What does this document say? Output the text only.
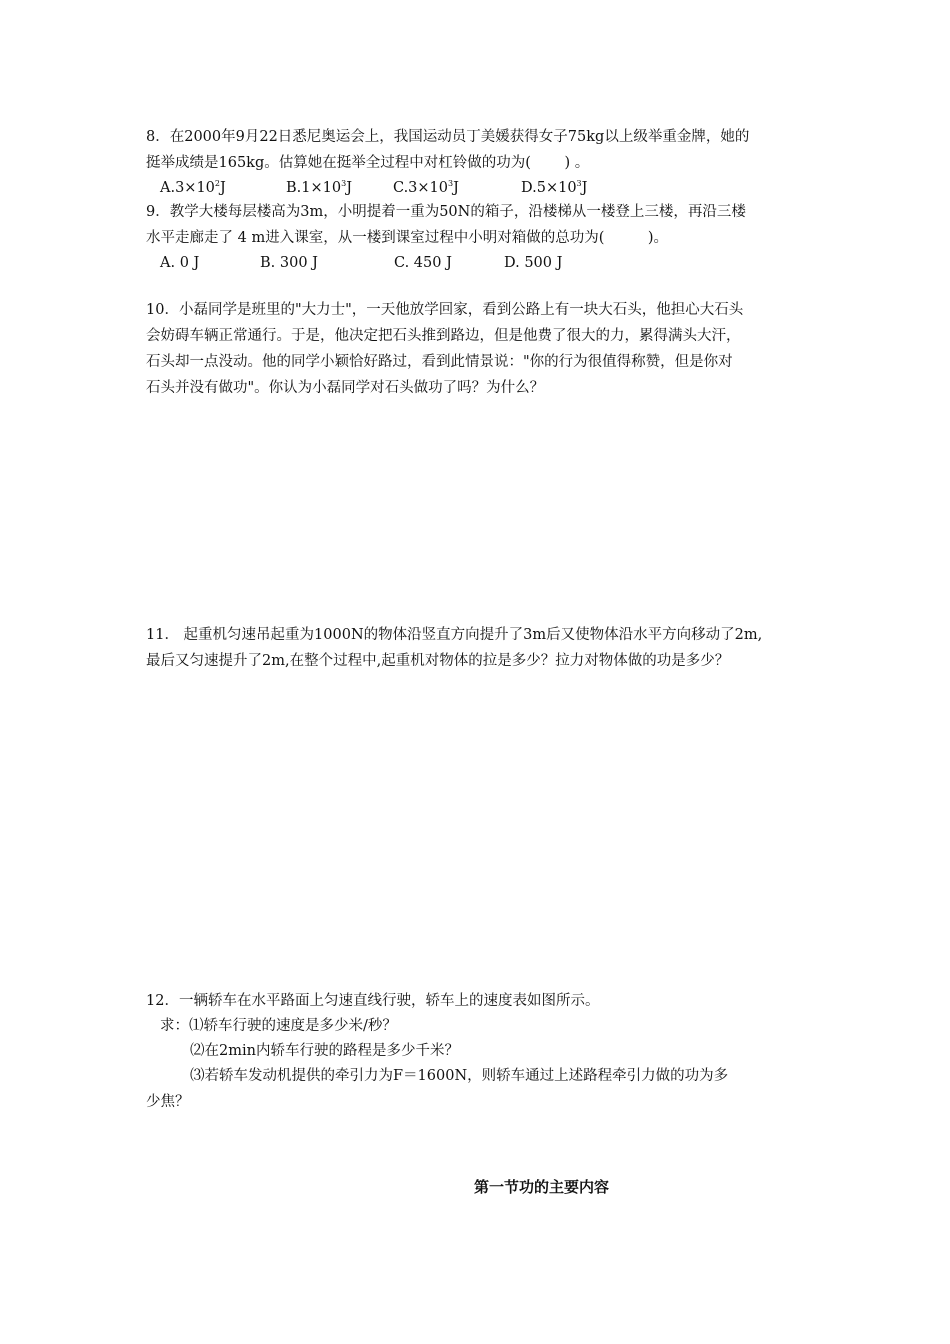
8．在2000年9月22日悉尼奥运会上，我国运动员丁美媛获得女子75kg以上级举重金牌，她的
挺举成绩是165kg。估算她在挺举全过程中对杠铃做的功为(　　 ) 。
$A.3\times 10^2J$	$B.1\times 10^3J$	$C.3\times 10^3J$	$D.5\times 10^3J$
9．教学大楼每层楼高为3m，小明提着一重为50N的箱子，沿楼梯从一楼登上三楼，再沿三楼
水平走廊走了 4 m进入课室，从一楼到课室过程中小明对箱做的总功为(　　　)。
A. 0 J	B. 300 J	C. 450 J	D. 500 J
10．小磊同学是班里的"大力士"，一天他放学回家，看到公路上有一块大石头，他担心大石头
会妨碍车辆正常通行。于是，他决定把石头推到路边，但是他费了很大的力，累得满头大汗，
石头却一点没动。他的同学小颖恰好路过，看到此情景说："你的行为很值得称赞，但是你对
石头并没有做功"。你认为小磊同学对石头做功了吗？为什么？
11． 起重机匀速吊起重为1000N的物体沿竖直方向提升了3m后又使物体沿水平方向移动了2m,
最后又匀速提升了2m,在整个过程中,起重机对物体的拉是多少？拉力对物体做的功是多少？
12．一辆轿车在水平路面上匀速直线行驶，轿车上的速度表如图所示。
求：⑴轿车行驶的速度是多少米/秒？
⑵在2min内轿车行驶的路程是多少千米？
⑶若轿车发动机提供的牵引力为F＝1600N，则轿车通过上述路程牵引力做的功为多
少焦？
第一节功的主要内容
